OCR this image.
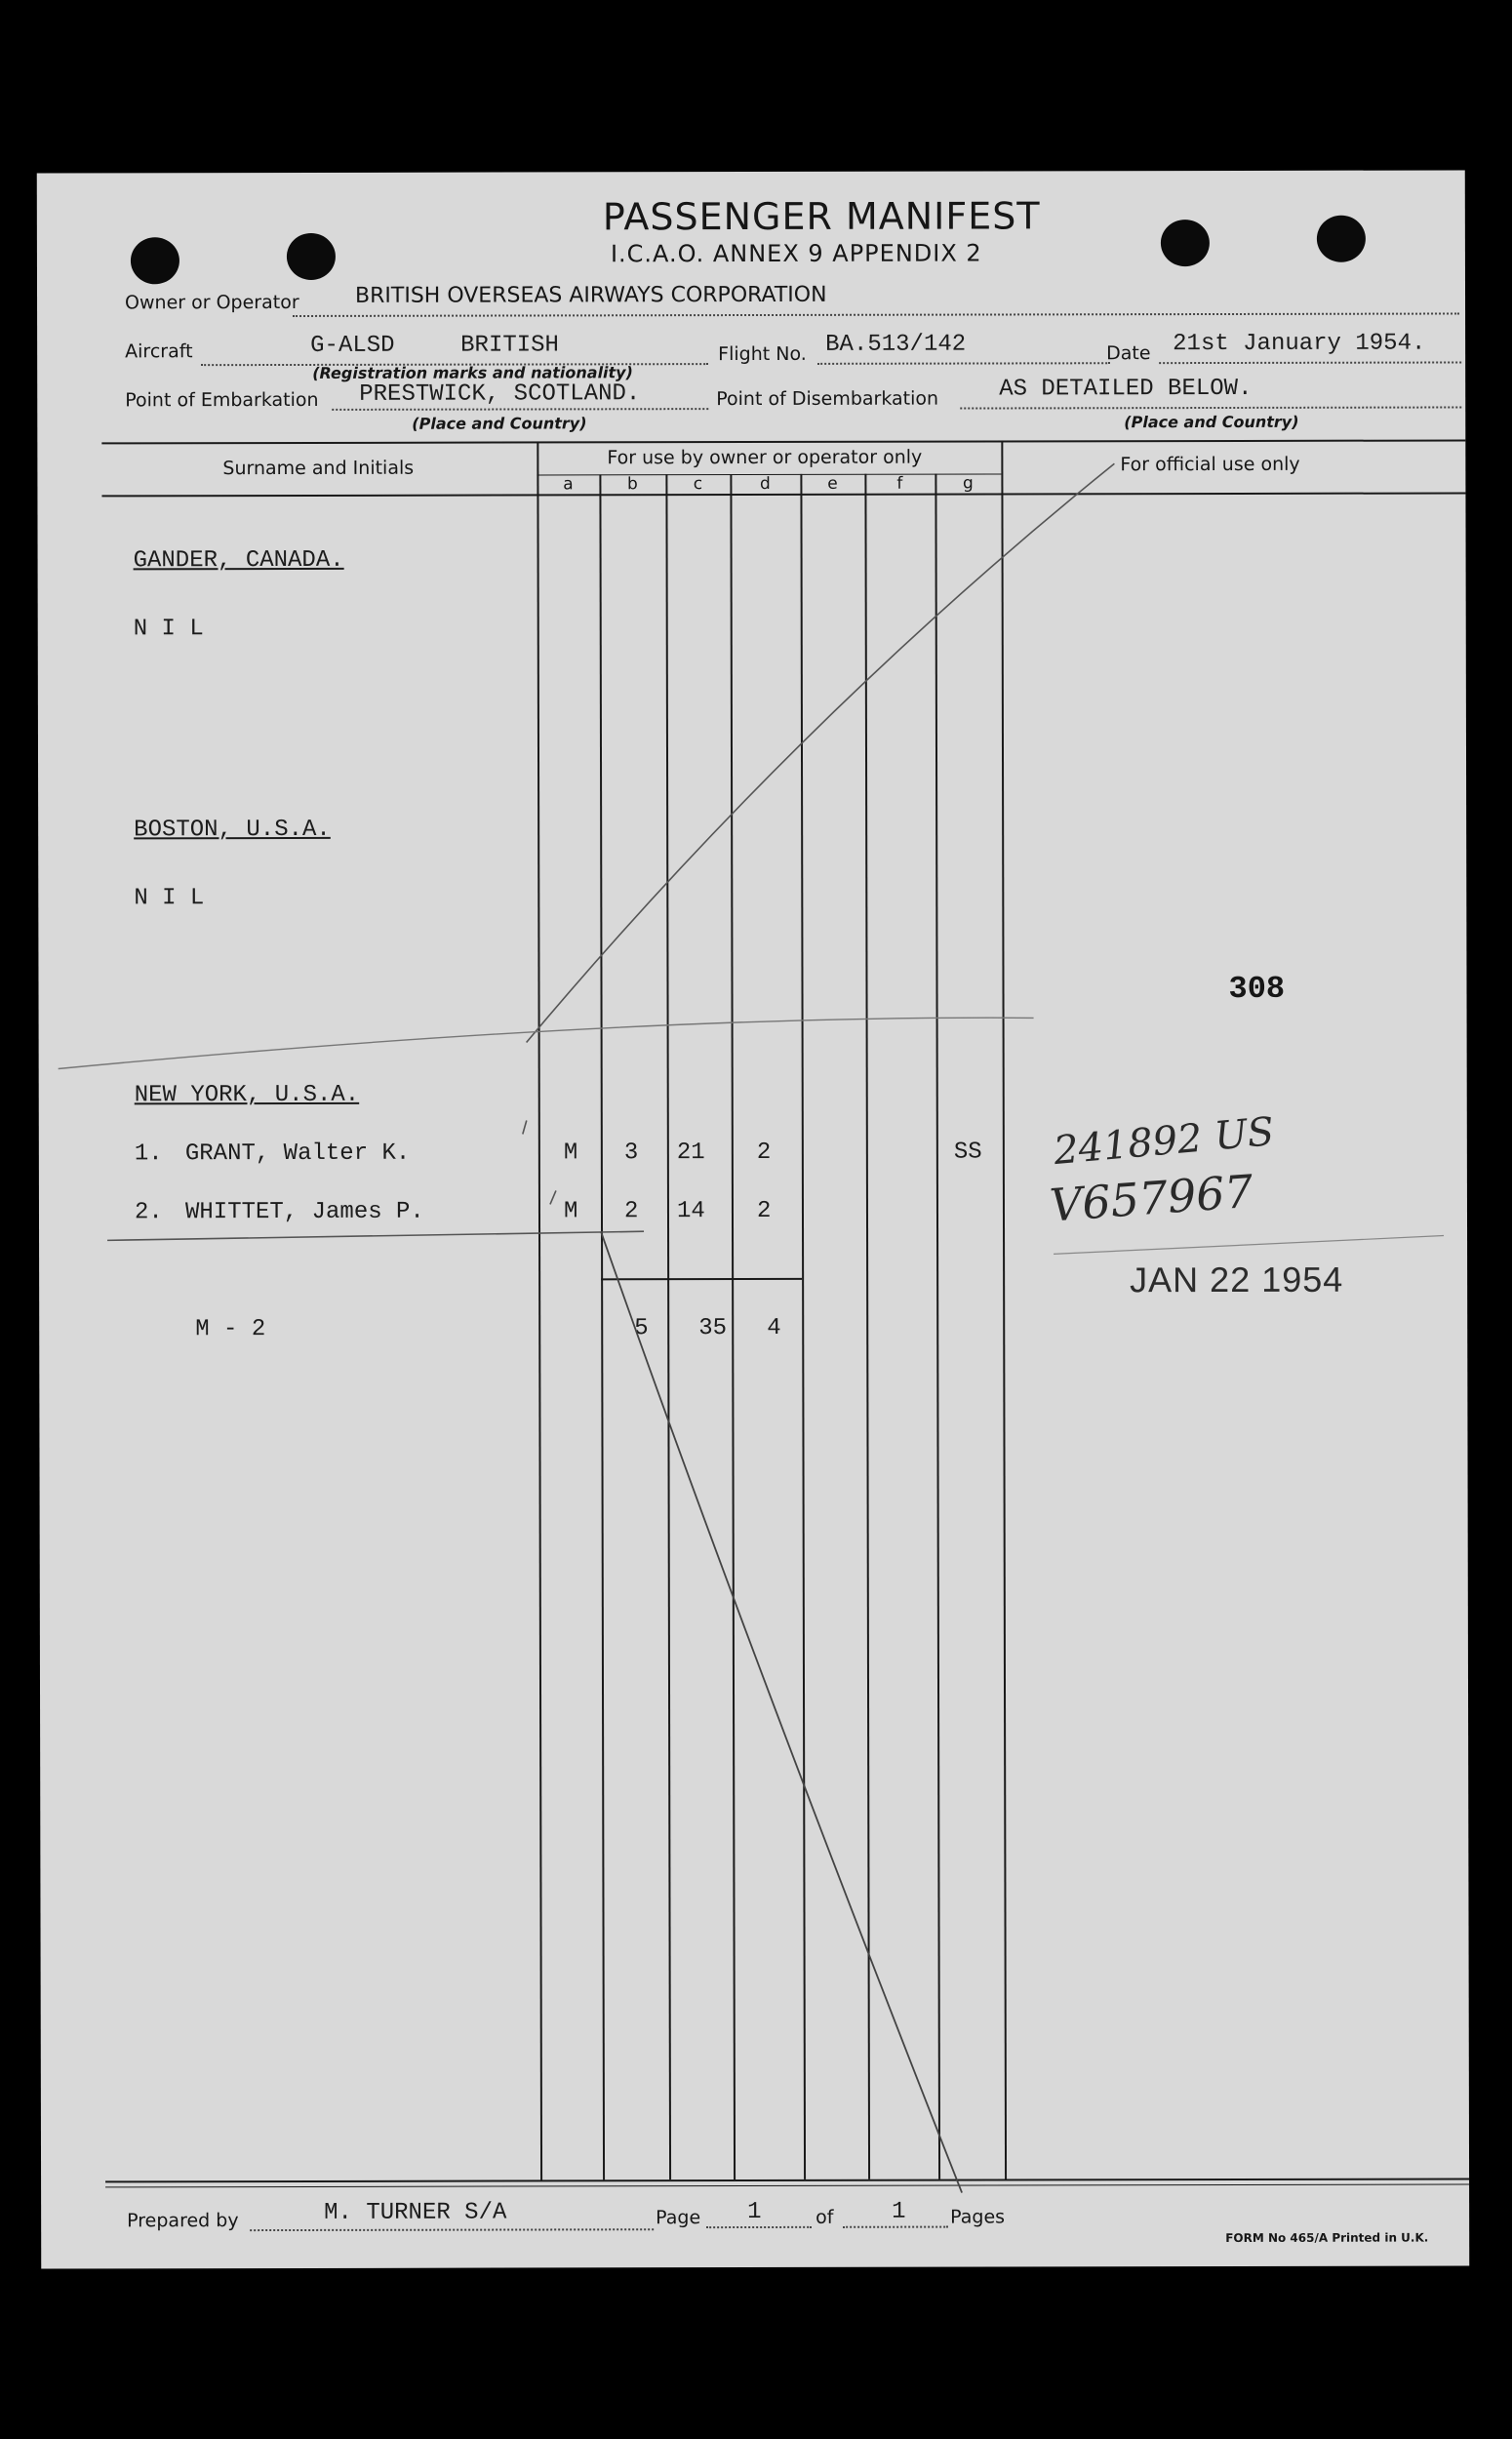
PASSENGER MANIFEST
I.C.A.O. ANNEX 9 APPENDIX 2
Owner or Operator	BRITISH OVERSEAS AIRWAYS CORPORATION
Aircraft	G-ALSD	BRITISH
(Registration marks and nationality)
Flight No. BA.513/142	Date 21st January 1954.
Point of Embarkation PRESTWICK, SCOTLAND.
(Place and Country)
Point of Disembarkation	AS DETAILED BELOW.
(Place and Country)
Surname and Initials	For use by owner or operator only	For official use only
a	b	c	d	e	f	g
GANDER, CANADA.
N I L
BOSTON, U.S.A.
N I L
NEW YORK, U.S.A.
1. GRANT, Walter K.	M 3 21 2	SS
2. WHITTET, James P.	M 2 14 2
M - 2	5 35 4
308
241892 US
V657967
JAN 22 1954
Prepared by	M. TURNER S/A	Page 1	of 1 Pages
FORM No 465/A Printed in U.K.
